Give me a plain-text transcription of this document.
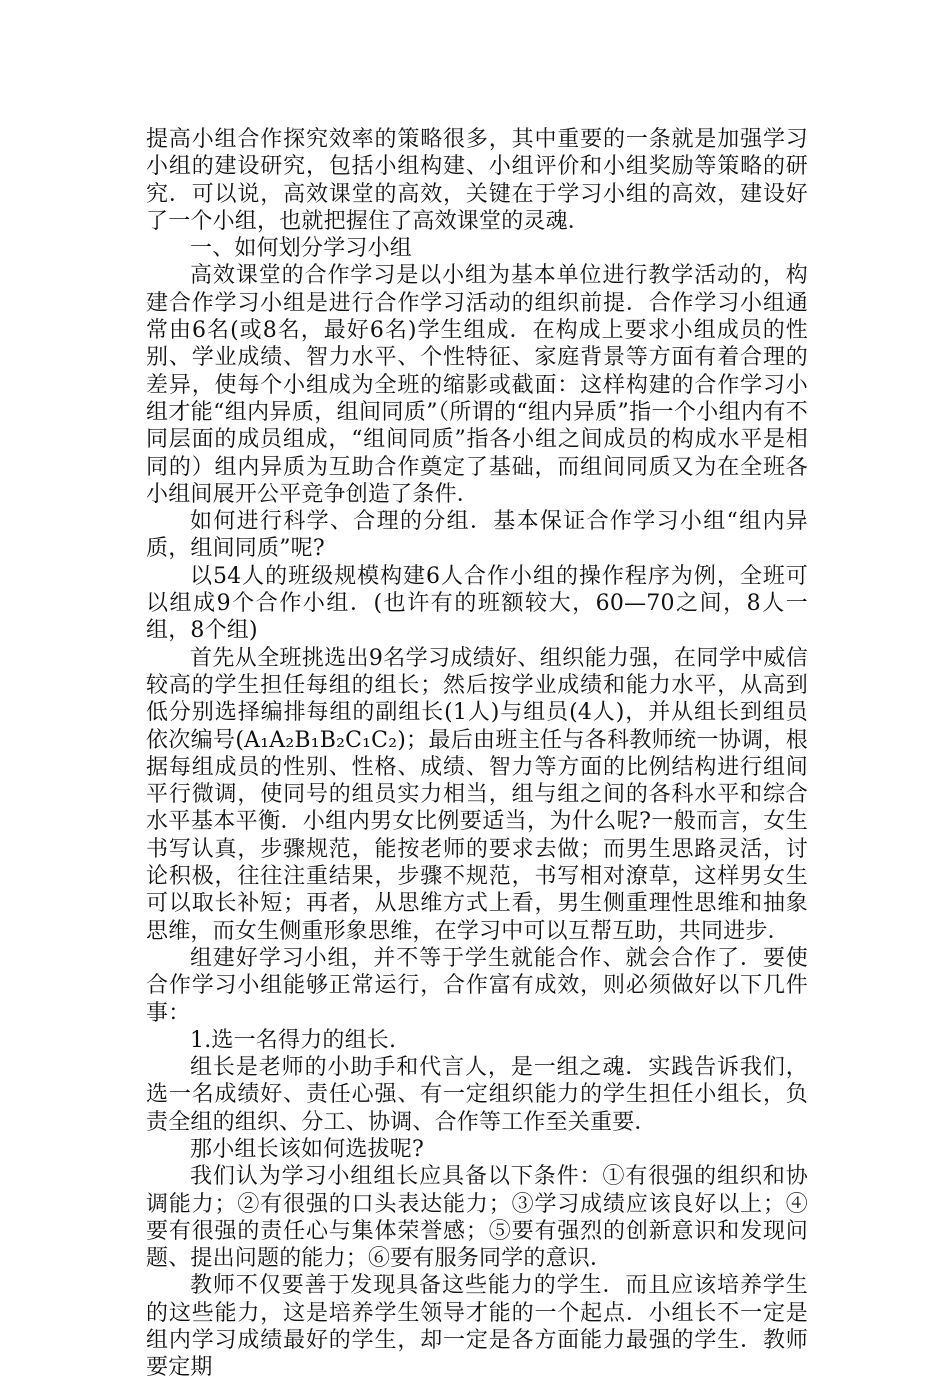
提高小组合作探究效率的策略很多，其中重要的一条就是加强学习小组的建设研究，包括小组构建、小组评价和小组奖励等策略的研究．可以说，高效课堂的高效，关键在于学习小组的高效，建设好了一个小组，也就把握住了高效课堂的灵魂．

一、如何划分学习小组

高效课堂的合作学习是以小组为基本单位进行教学活动的，构建合作学习小组是进行合作学习活动的组织前提．合作学习小组通常由6名(或8名，最好6名)学生组成．在构成上要求小组成员的性别、学业成绩、智力水平、个性特征、家庭背景等方面有着合理的差异，使每个小组成为全班的缩影或截面：这样构建的合作学习小组才能“组内异质，组间同质”（所谓的“组内异质”指一个小组内有不同层面的成员组成，“组间同质”指各小组之间成员的构成水平是相同的）组内异质为互助合作奠定了基础，而组间同质又为在全班各小组间展开公平竞争创造了条件．

如何进行科学、合理的分组．基本保证合作学习小组“组内异质，组间同质”呢?

以54人的班级规模构建6人合作小组的操作程序为例，全班可以组成9个合作小组．(也许有的班额较大，60—70之间，8人一组，8个组)

首先从全班挑选出9名学习成绩好、组织能力强，在同学中威信较高的学生担任每组的组长；然后按学业成绩和能力水平，从高到低分别选择编排每组的副组长(1人)与组员(4人)，并从组长到组员依次编号(A₁A₂B₁B₂C₁C₂)；最后由班主任与各科教师统一协调，根据每组成员的性别、性格、成绩、智力等方面的比例结构进行组间平行微调，使同号的组员实力相当，组与组之间的各科水平和综合水平基本平衡．小组内男女比例要适当，为什么呢?一般而言，女生书写认真，步骤规范，能按老师的要求去做；而男生思路灵活，讨论积极，往往注重结果，步骤不规范，书写相对潦草，这样男女生可以取长补短；再者，从思维方式上看，男生侧重理性思维和抽象思维，而女生侧重形象思维，在学习中可以互帮互助，共同进步．

组建好学习小组，并不等于学生就能合作、就会合作了．要使合作学习小组能够正常运行，合作富有成效，则必须做好以下几件事：

1.选一名得力的组长.

组长是老师的小助手和代言人，是一组之魂．实践告诉我们，选一名成绩好、责任心强、有一定组织能力的学生担任小组长，负责全组的组织、分工、协调、合作等工作至关重要．

那小组长该如何选拔呢?

我们认为学习小组组长应具备以下条件：①有很强的组织和协调能力；②有很强的口头表达能力；③学习成绩应该良好以上；④要有很强的责任心与集体荣誉感；⑤要有强烈的创新意识和发现问题、提出问题的能力；⑥要有服务同学的意识．

教师不仅要善于发现具备这些能力的学生．而且应该培养学生的这些能力，这是培养学生领导才能的一个起点．小组长不一定是组内学习成绩最好的学生，却一定是各方面能力最强的学生．教师要定期
